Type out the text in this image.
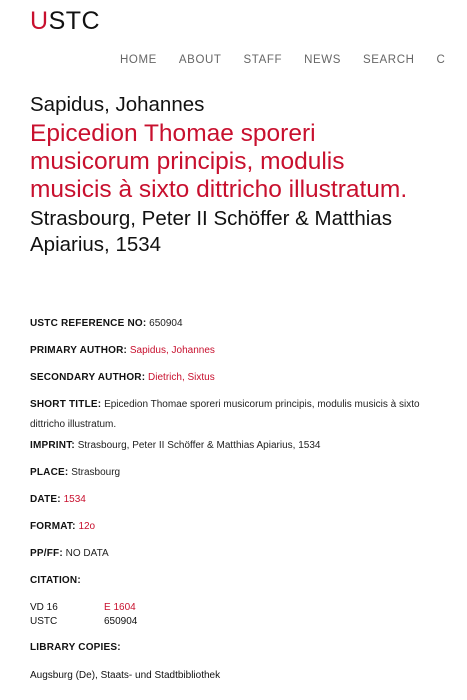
USTC
HOME ABOUT STAFF NEWS SEARCH C
Sapidus, Johannes
Epicedion Thomae sporeri musicorum principis, modulis musicis à sixto dittricho illustratum.
Strasbourg, Peter II Schöffer & Matthias Apiarius, 1534
USTC REFERENCE NO: 650904
PRIMARY AUTHOR: Sapidus, Johannes
SECONDARY AUTHOR: Dietrich, Sixtus
SHORT TITLE: Epicedion Thomae sporeri musicorum principis, modulis musicis à sixto dittricho illustratum.
IMPRINT: Strasbourg, Peter II Schöffer & Matthias Apiarius, 1534
PLACE: Strasbourg
DATE: 1534
FORMAT: 12o
PP/FF: NO DATA
CITATION:
VD 16	E 1604
USTC	650904
LIBRARY COPIES:
Augsburg (De), Staats- und Stadtbibliothek
